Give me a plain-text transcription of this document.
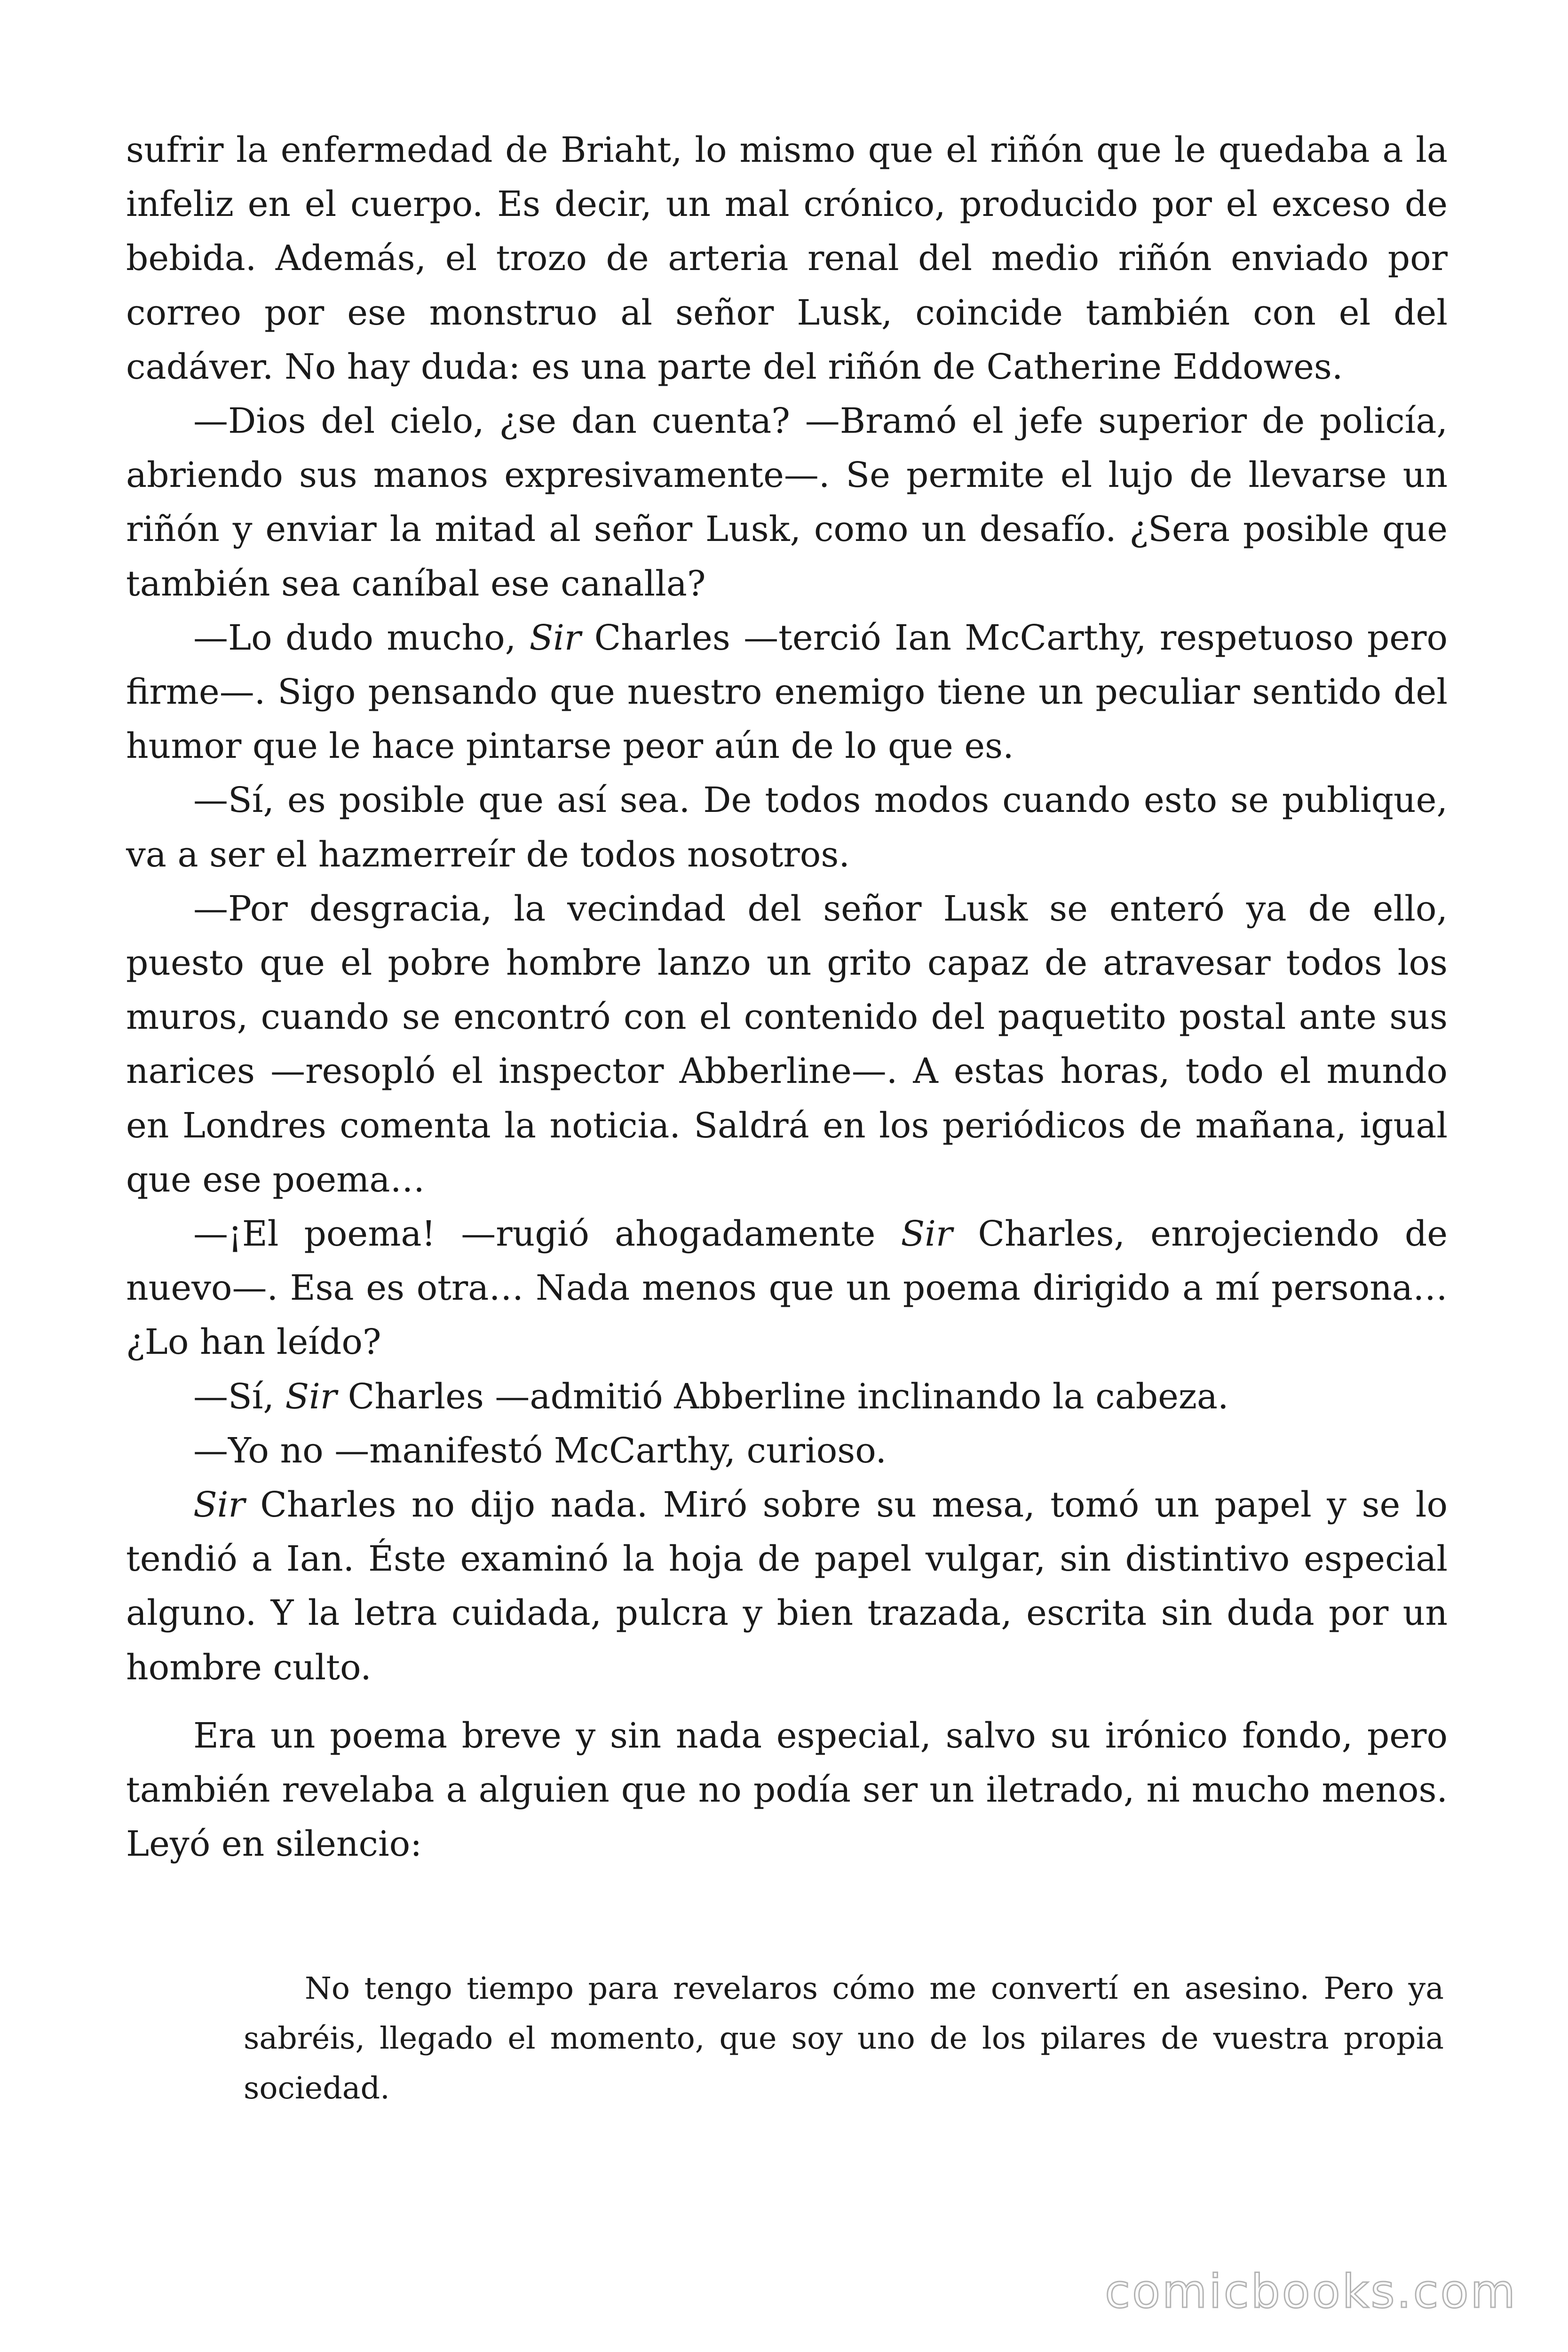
sufrir la enfermedad de Briaht, lo mismo que el riñón que le quedaba a la infeliz en el cuerpo. Es decir, un mal crónico, producido por el exceso de bebida. Además, el trozo de arteria renal del medio riñón enviado por correo por ese monstruo al señor Lusk, coincide también con el del cadáver. No hay duda: es una parte del riñón de Catherine Eddowes.

—Dios del cielo, ¿se dan cuenta? —Bramó el jefe superior de policía, abriendo sus manos expresivamente—. Se permite el lujo de llevarse un riñón y enviar la mitad al señor Lusk, como un desafío. ¿Sera posible que también sea caníbal ese canalla?

—Lo dudo mucho, Sir Charles —terció Ian McCarthy, respetuoso pero firme—. Sigo pensando que nuestro enemigo tiene un peculiar sentido del humor que le hace pintarse peor aún de lo que es.

—Sí, es posible que así sea. De todos modos cuando esto se publique, va a ser el hazmerreír de todos nosotros.

—Por desgracia, la vecindad del señor Lusk se enteró ya de ello, puesto que el pobre hombre lanzo un grito capaz de atravesar todos los muros, cuando se encontró con el contenido del paquetito postal ante sus narices —resopló el inspector Abberline—. A estas horas, todo el mundo en Londres comenta la noticia. Saldrá en los periódicos de mañana, igual que ese poema…

—¡El poema! —rugió ahogadamente Sir Charles, enrojeciendo de nuevo—. Esa es otra… Nada menos que un poema dirigido a mí persona… ¿Lo han leído?

—Sí, Sir Charles —admitió Abberline inclinando la cabeza.

—Yo no —manifestó McCarthy, curioso.

Sir Charles no dijo nada. Miró sobre su mesa, tomó un papel y se lo tendió a Ian. Éste examinó la hoja de papel vulgar, sin distintivo especial alguno. Y la letra cuidada, pulcra y bien trazada, escrita sin duda por un hombre culto.

Era un poema breve y sin nada especial, salvo su irónico fondo, pero también revelaba a alguien que no podía ser un iletrado, ni mucho menos. Leyó en silencio:

No tengo tiempo para revelaros cómo me convertí en asesino. Pero ya sabréis, llegado el momento, que soy uno de los pilares de vuestra propia sociedad.

comicbooks.com
